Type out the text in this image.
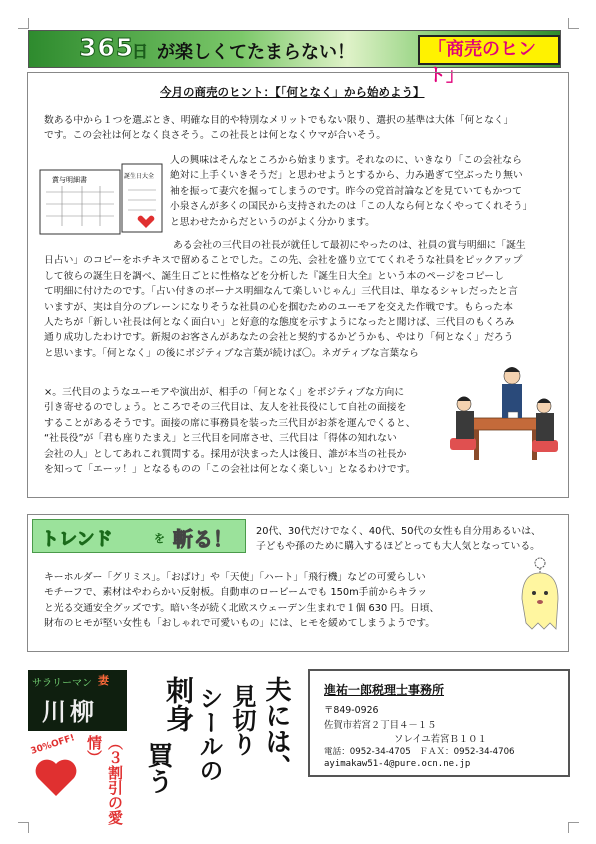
365
日 が楽しくてたまらない！	「商売のヒント」
今月の商売のヒント：【「何となく」から始めよう】
数ある中から１つを選ぶとき、明確な目的や特別なメリットでもない限り、選択の基準は大体「何となく」
です。この会社は何となく良さそう。この社長とは何となくウマが合いそう。
賞与明細書	誕生日大全
人の興味はそんなところから始まります。それなのに、いきなり「この会社なら
絶対に上手くいきそうだ」と思わせようとするから、力み過ぎて空ぶったり無い
袖を振って妻穴を掘ってしまうのです。昨今の党首討論などを見ていてもかつて
小泉さんが多くの国民から支持されたのは「この人なら何となくやってくれそう」
と思わせたからだというのがよく分かります。
ある会社の三代目の社長が就任して最初にやったのは、社員の賞与明細に「誕生
日占い」のコピーをホチキスで留めることでした。この先、会社を盛り立ててくれそうな社員をピックアップ
して彼らの誕生日を調べ、誕生日ごとに性格などを分析した『誕生日大全』という本のページをコピーし
て明細に付けたのです。「占い付きのボーナス明細なんて楽しいじゃん」三代目は、単なるシャレだったと言
いますが、実は自分のブレーンになりそうな社員の心を掴むためのユーモアを交えた作戦です。もらった本
人たちが「新しい社長は何となく面白い」と好意的な態度を示すようになったと聞けば、三代目のもくろみ
通り成功したわけです。新規のお客さんがあなたの会社と契約するかどうかも、やはり「何となく」だろう
と思います。「何となく」の後にポジティブな言葉が続けば〇。ネガティブな言葉なら
×。三代目のようなユーモアや演出が、相手の「何となく」をポジティブな方向に
引き寄せるのでしょう。ところでその三代目は、友人を社長役にして自社の面接を
することがあるそうです。面接の席に事務員を装った三代目がお茶を運んでくると、
“社長役”が「君も座りたまえ」と三代目を同席させ、三代目は「得体の知れない
会社の人」としてあれこれ質問する。採用が決まった人は後日、誰が本当の社長か
を知って「エーッ！」となるものの「この会社は何となく楽しい」となるわけです。
トレンド	を 斬る！ 20代、30代だけでなく、40代、50代の女性も自分用あるいは、
子どもや孫のために購入するほどとっても大人気となっている。
キーホルダー「グリミス」。「おばけ」や「天使」「ハート」「飛行機」などの可愛らしい
モチーフで、素材はやわらかい反射板。自動車のロービームでも 150m手前からキラッ
と光る交通安全グッズです。暗い冬が続く北欧スウェーデン生まれで１個 630 円。日頃、
財布のヒモが堅い女性も「おしゃれで可愛いもの」には、ヒモを緩めてしまうようです。
サラリーマン 妻
川柳 刺身
買う	夫には、
見切り
シールの
30%OFF!	（３割引の愛情）
進祐一郎税理士事務所
〒849-0926
佐賀市若宮２丁目４－１５
ソレイユ若宮Ｂ１０１
電話：0952-34-4705　ＦＡＸ：0952-34-4706
ayimakaw51-4@pure.ocn.ne.jp
